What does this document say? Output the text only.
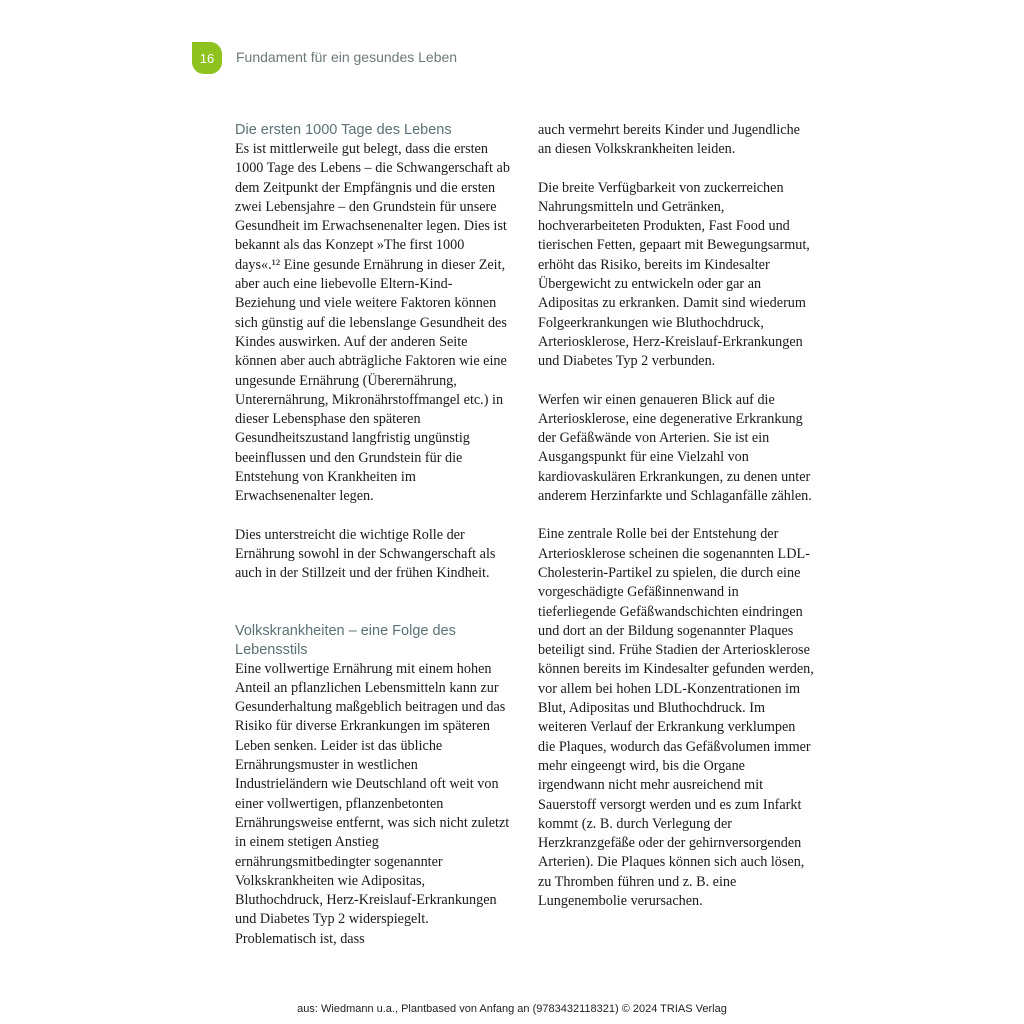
16 Fundament für ein gesundes Leben
Die ersten 1000 Tage des Lebens

Es ist mittlerweile gut belegt, dass die ersten 1000 Tage des Lebens – die Schwangerschaft ab dem Zeitpunkt der Empfängnis und die ersten zwei Lebensjahre – den Grundstein für unsere Gesundheit im Erwachsenenalter legen. Dies ist bekannt als das Konzept »The first 1000 days«.¹² Eine gesunde Ernährung in dieser Zeit, aber auch eine liebevolle Eltern-Kind-Beziehung und viele weitere Faktoren können sich günstig auf die lebenslange Gesundheit des Kindes auswirken. Auf der anderen Seite können aber auch abträgliche Faktoren wie eine ungesunde Ernährung (Überernährung, Unterernährung, Mikronährstoffmangel etc.) in dieser Lebensphase den späteren Gesundheitszustand langfristig ungünstig beeinflussen und den Grundstein für die Entstehung von Krankheiten im Erwachsenenalter legen.

Dies unterstreicht die wichtige Rolle der Ernährung sowohl in der Schwangerschaft als auch in der Stillzeit und der frühen Kindheit.

Volkskrankheiten – eine Folge des Lebensstils

Eine vollwertige Ernährung mit einem hohen Anteil an pflanzlichen Lebensmitteln kann zur Gesunderhaltung maßgeblich beitragen und das Risiko für diverse Erkrankungen im späteren Leben senken. Leider ist das übliche Ernährungsmuster in westlichen Industrieländern wie Deutschland oft weit von einer vollwertigen, pflanzenbetonten Ernährungsweise entfernt, was sich nicht zuletzt in einem stetigen Anstieg ernährungsmitbedingter sogenannter Volkskrankheiten wie Adipositas, Bluthochdruck, Herz-Kreislauf-Erkrankungen und Diabetes Typ 2 widerspiegelt. Problematisch ist, dass

auch vermehrt bereits Kinder und Jugendliche an diesen Volkskrankheiten leiden.

Die breite Verfügbarkeit von zuckerreichen Nahrungsmitteln und Getränken, hochverarbeiteten Produkten, Fast Food und tierischen Fetten, gepaart mit Bewegungsarmut, erhöht das Risiko, bereits im Kindesalter Übergewicht zu entwickeln oder gar an Adipositas zu erkranken. Damit sind wiederum Folgeerkrankungen wie Bluthochdruck, Arteriosklerose, Herz-Kreislauf-Erkrankungen und Diabetes Typ 2 verbunden.

Werfen wir einen genaueren Blick auf die Arteriosklerose, eine degenerative Erkrankung der Gefäßwände von Arterien. Sie ist ein Ausgangspunkt für eine Vielzahl von kardiovaskulären Erkrankungen, zu denen unter anderem Herzinfarkte und Schlaganfälle zählen.

Eine zentrale Rolle bei der Entstehung der Arteriosklerose scheinen die sogenannten LDL-Cholesterin-Partikel zu spielen, die durch eine vorgeschädigte Gefäßinnenwand in tieferliegende Gefäßwandschichten eindringen und dort an der Bildung sogenannter Plaques beteiligt sind. Frühe Stadien der Arteriosklerose können bereits im Kindesalter gefunden werden, vor allem bei hohen LDL-Konzentrationen im Blut, Adipositas und Bluthochdruck. Im weiteren Verlauf der Erkrankung verklumpen die Plaques, wodurch das Gefäßvolumen immer mehr eingeengt wird, bis die Organe irgendwann nicht mehr ausreichend mit Sauerstoff versorgt werden und es zum Infarkt kommt (z. B. durch Verlegung der Herzkranzgefäße oder der gehirnversorgenden Arterien). Die Plaques können sich auch lösen, zu Thromben führen und z. B. eine Lungenembolie verursachen.

aus: Wiedmann u.a., Plantbased von Anfang an (9783432118321) © 2024 TRIAS Verlag
